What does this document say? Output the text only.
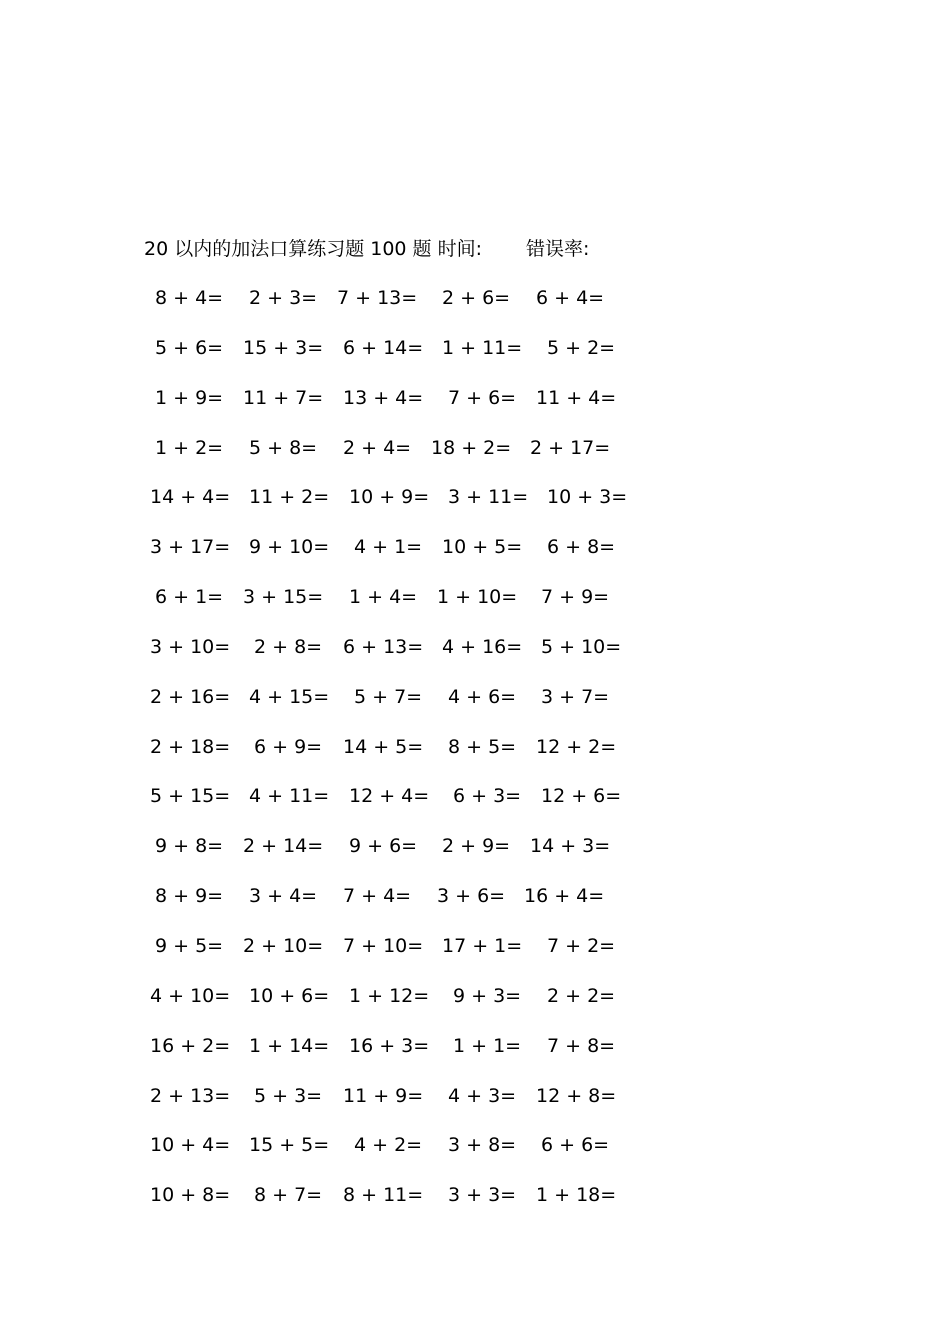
20 以内的加法口算练习题 100 题 时间: 错误率:
8 + 4= 2 + 3= 7 + 13= 2 + 6= 6 + 4=
5 + 6= 15 + 3= 6 + 14= 1 + 11= 5 + 2=
1 + 9= 11 + 7= 13 + 4= 7 + 6= 11 + 4=
1 + 2= 5 + 8= 2 + 4= 18 + 2= 2 + 17=
14 + 4= 11 + 2= 10 + 9= 3 + 11= 10 + 3=
3 + 17= 9 + 10= 4 + 1= 10 + 5= 6 + 8=
6 + 1= 3 + 15= 1 + 4= 1 + 10= 7 + 9=
3 + 10= 2 + 8= 6 + 13= 4 + 16= 5 + 10=
2 + 16= 4 + 15= 5 + 7= 4 + 6= 3 + 7=
2 + 18= 6 + 9= 14 + 5= 8 + 5= 12 + 2=
5 + 15= 4 + 11= 12 + 4= 6 + 3= 12 + 6=
9 + 8= 2 + 14= 9 + 6= 2 + 9= 14 + 3=
8 + 9= 3 + 4= 7 + 4= 3 + 6= 16 + 4=
9 + 5= 2 + 10= 7 + 10= 17 + 1= 7 + 2=
4 + 10= 10 + 6= 1 + 12= 9 + 3= 2 + 2=
16 + 2= 1 + 14= 16 + 3= 1 + 1= 7 + 8=
2 + 13= 5 + 3= 11 + 9= 4 + 3= 12 + 8=
10 + 4= 15 + 5= 4 + 2= 3 + 8= 6 + 6=
10 + 8= 8 + 7= 8 + 11= 3 + 3= 1 + 18=
